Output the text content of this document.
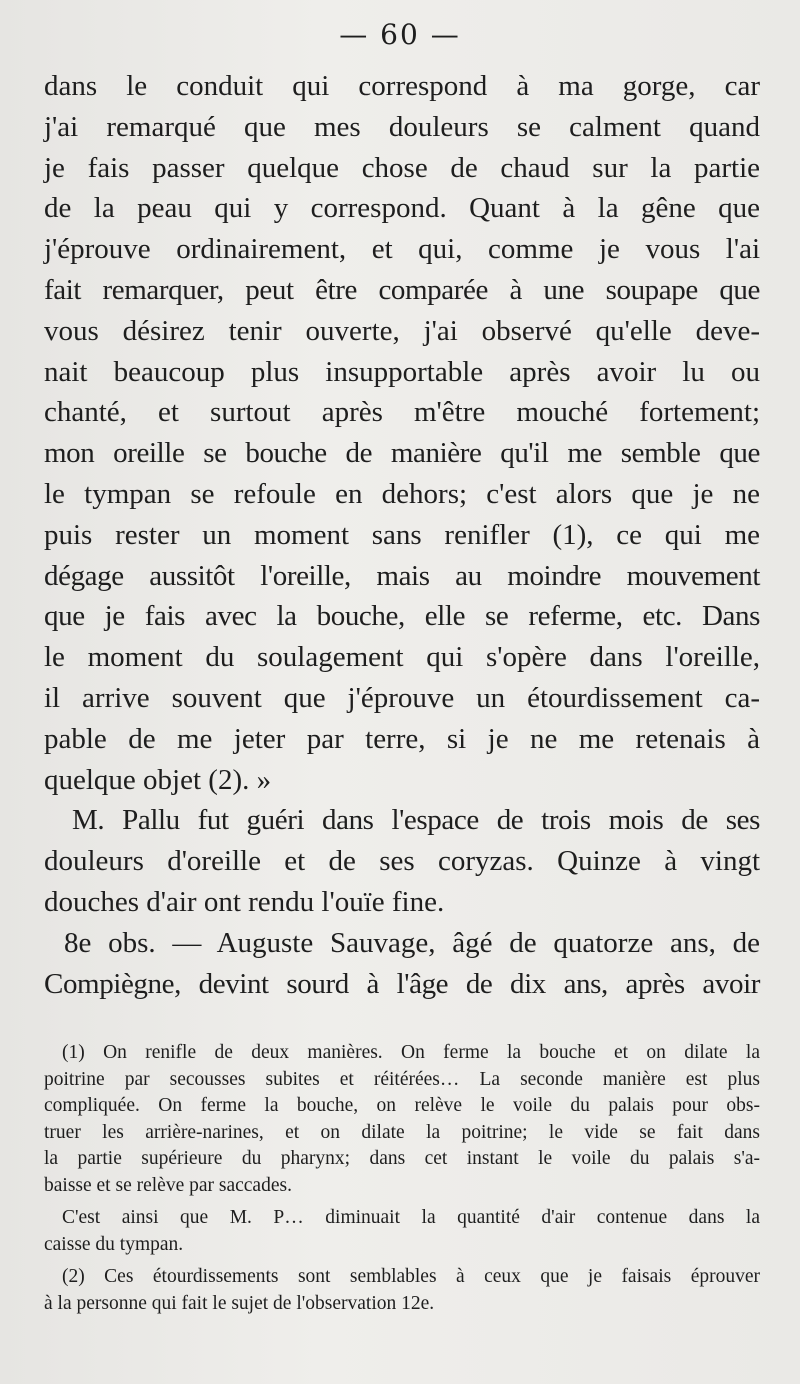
— 60 —
dans le conduit qui correspond à ma gorge, car
j'ai remarqué que mes douleurs se calment quand
je fais passer quelque chose de chaud sur la partie
de la peau qui y correspond. Quant à la gêne que
j'éprouve ordinairement, et qui, comme je vous l'ai
fait remarquer, peut être comparée à une soupape que
vous désirez tenir ouverte, j'ai observé qu'elle deve-
nait beaucoup plus insupportable après avoir lu ou
chanté, et surtout après m'être mouché fortement;
mon oreille se bouche de manière qu'il me semble que
le tympan se refoule en dehors; c'est alors que je ne
puis rester un moment sans renifler (1), ce qui me
dégage aussitôt l'oreille, mais au moindre mouvement
que je fais avec la bouche, elle se referme, etc. Dans
le moment du soulagement qui s'opère dans l'oreille,
il arrive souvent que j'éprouve un étourdissement ca-
pable de me jeter par terre, si je ne me retenais à
quelque objet (2). »
M. Pallu fut guéri dans l'espace de trois mois de ses
douleurs d'oreille et de ses coryzas. Quinze à vingt
douches d'air ont rendu l'ouïe fine.
8e obs. — Auguste Sauvage, âgé de quatorze ans, de
Compiègne, devint sourd à l'âge de dix ans, après avoir
(1) On renifle de deux manières. On ferme la bouche et on dilate la
poitrine par secousses subites et réitérées… La seconde manière est plus
compliquée. On ferme la bouche, on relève le voile du palais pour obs-
truer les arrière-narines, et on dilate la poitrine; le vide se fait dans
la partie supérieure du pharynx; dans cet instant le voile du palais s'a-
baisse et se relève par saccades.
C'est ainsi que M. P… diminuait la quantité d'air contenue dans la
caisse du tympan.
(2) Ces étourdissements sont semblables à ceux que je faisais éprouver
à la personne qui fait le sujet de l'observation 12e.
